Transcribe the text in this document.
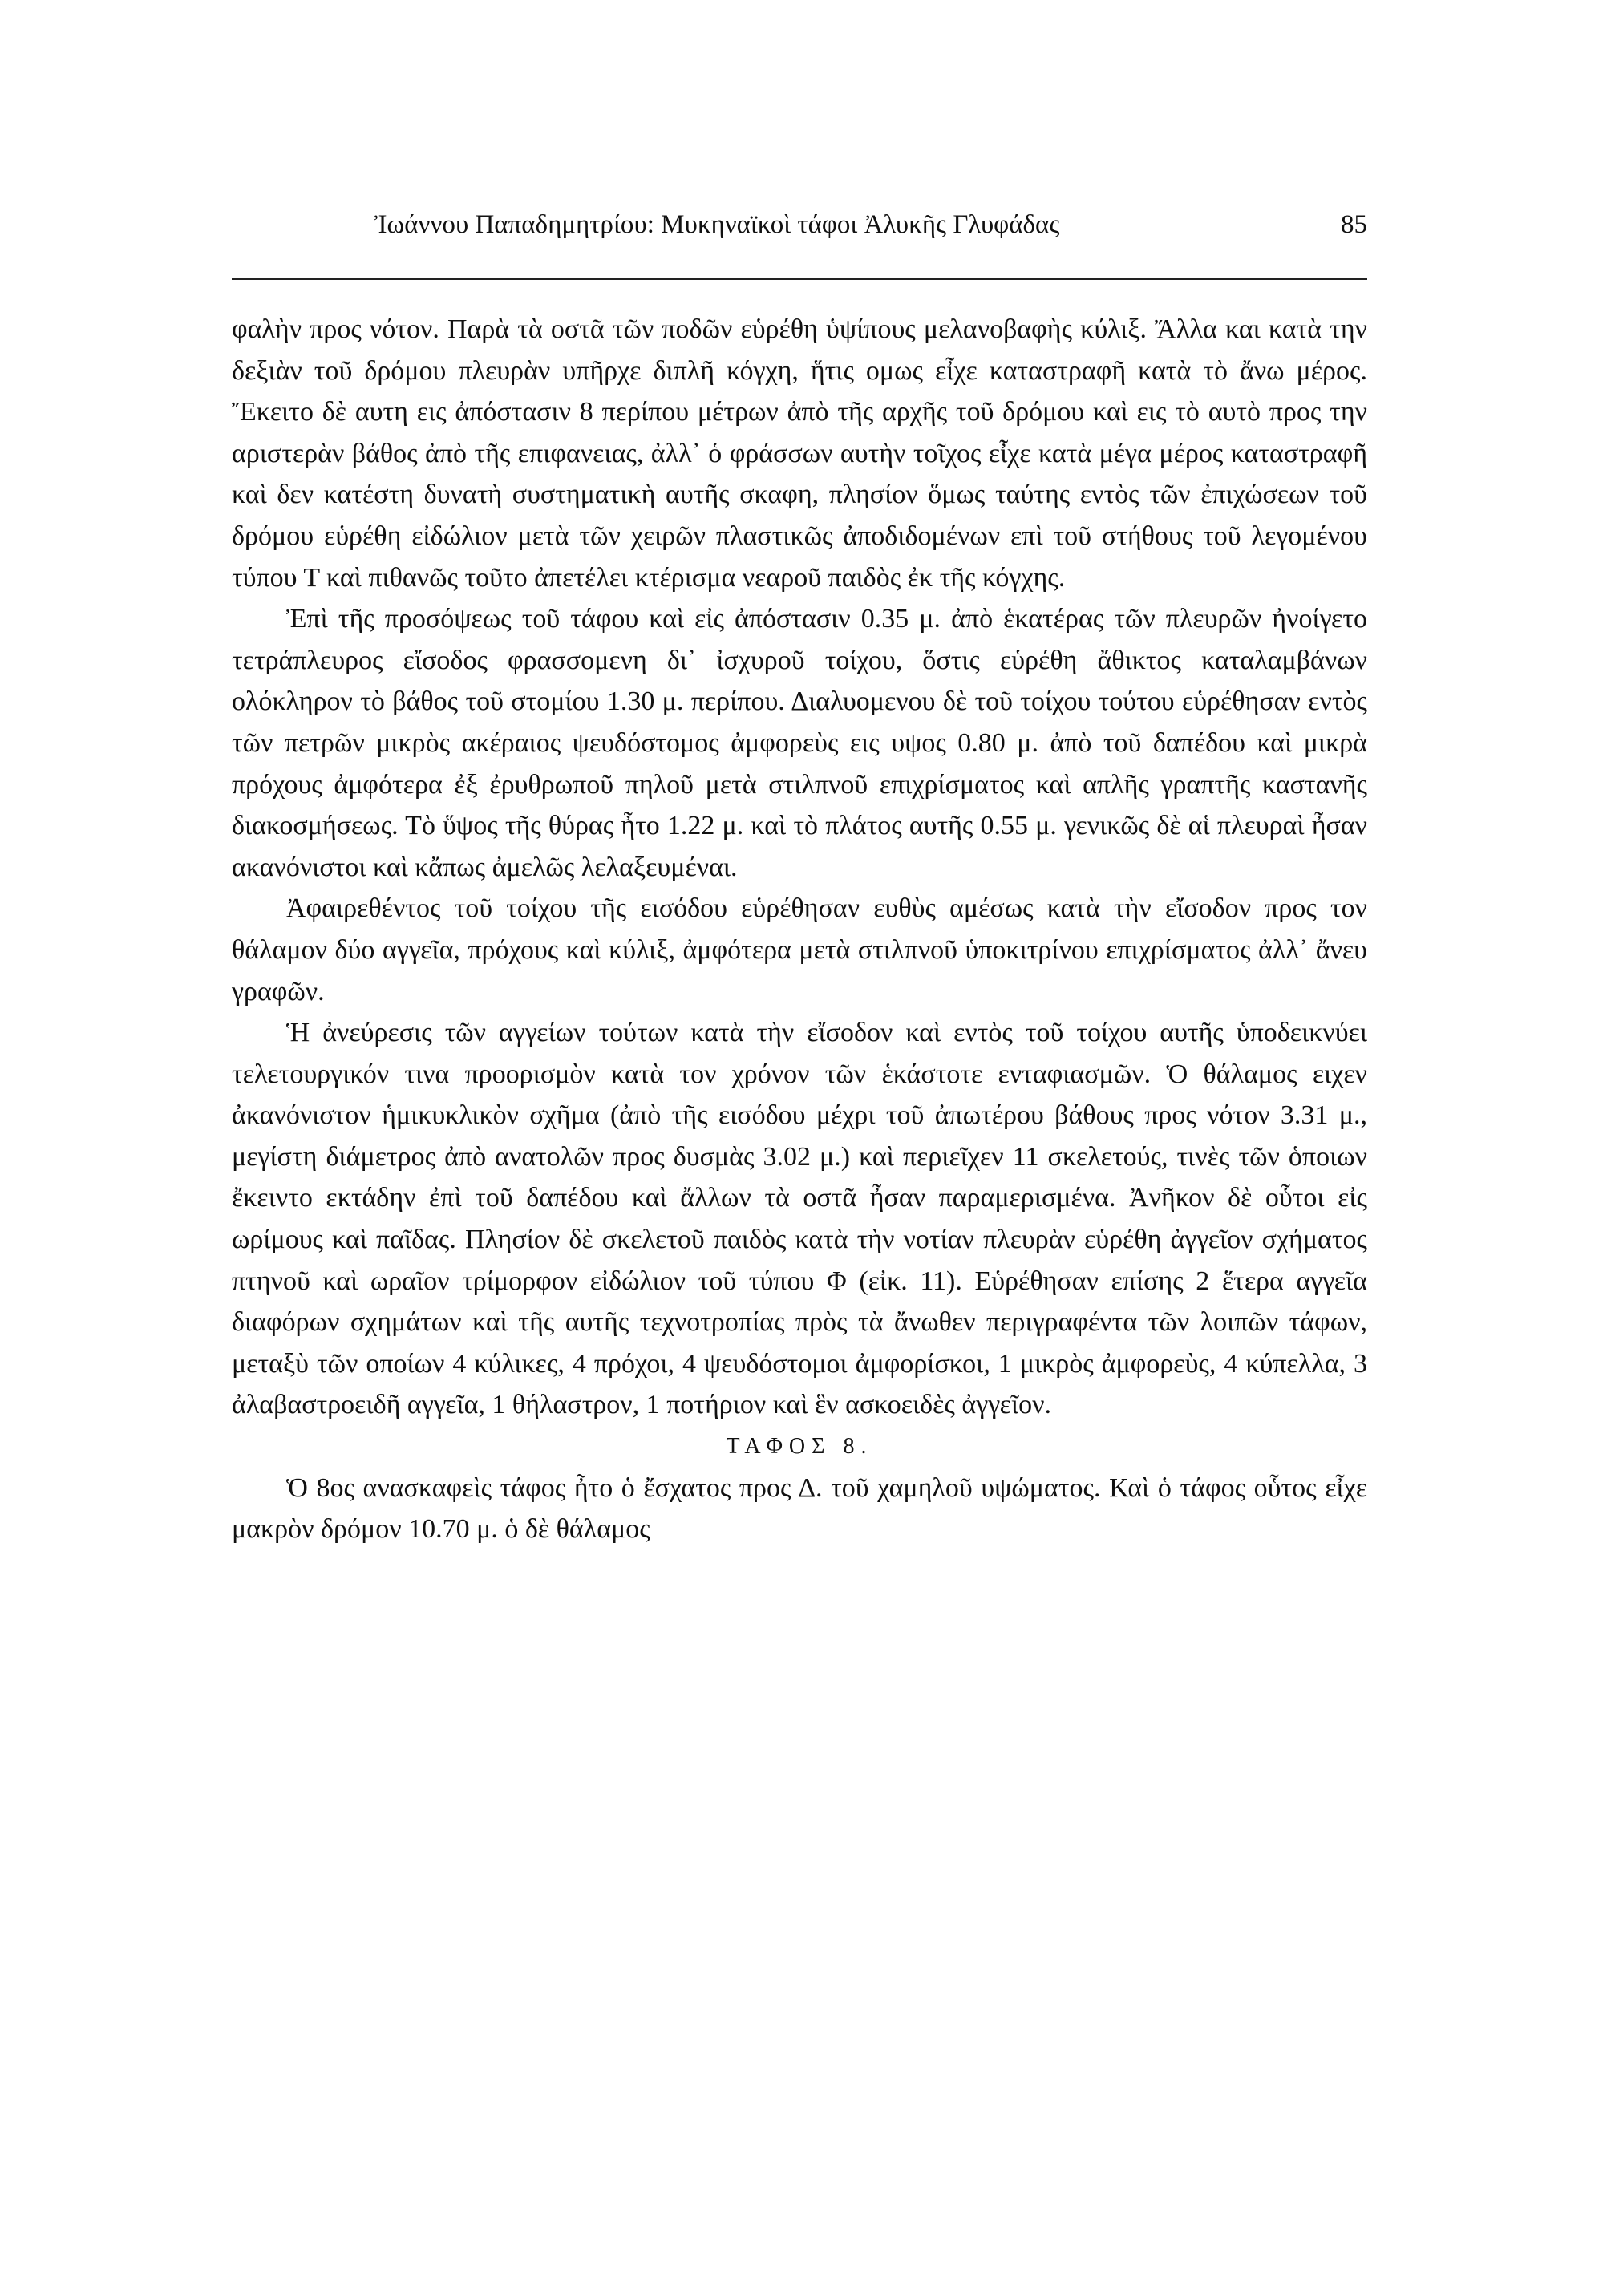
Ἰωάννου Παπαδημητρίου: Μυκηναϊκοὶ τάφοι Ἀλυκῆς Γλυφάδας	85

φαλὴν προς νότον. Παρὰ τὰ οστᾶ τῶν ποδῶν εὑρέθη ὑψίπους μελανοβαφὴς κύλιξ. Ἄλλα και κατὰ την δεξιὰν τοῦ δρόμου πλευρὰν υπῆρχε διπλῆ κόγχη, ἥτις ομως εἶχε καταστραφῆ κατὰ τὸ ἄνω μέρος. Ἔκειτο δὲ αυτη εις ἀπόστασιν 8 περίπου μέτρων ἀπὸ τῆς αρχῆς τοῦ δρόμου καὶ εις τὸ αυτὸ προς την αριστερὰν βάθος ἀπὸ τῆς επιφανειας, ἀλλ᾽ ὁ φράσσων αυτὴν τοῖχος εἶχε κατὰ μέγα μέρος καταστραφῆ καὶ δεν κατέστη δυνατὴ συστηματικὴ αυτῆς σκαφη, πλησίον ὅμως ταύτης εντὸς τῶν ἐπιχώσεων τοῦ δρόμου εὑρέθη εἰδώλιον μετὰ τῶν χειρῶν πλαστικῶς ἀποδιδομένων επὶ τοῦ στήθους τοῦ λεγομένου τύπου Τ καὶ πιθανῶς τοῦτο ἀπετέλει κτέρισμα νεαροῦ παιδὸς ἐκ τῆς κόγχης.

Ἐπὶ τῆς προσόψεως τοῦ τάφου καὶ εἰς ἀπόστασιν 0.35 μ. ἀπὸ ἑκατέρας τῶν πλευρῶν ἠνοίγετο τετράπλευρος εἴσοδος φρασσομενη δι᾽ ἰσχυροῦ τοίχου, ὅστις εὑρέθη ἄθικτος καταλαμβάνων ολόκληρον τὸ βάθος τοῦ στομίου 1.30 μ. περίπου. Διαλυομενου δὲ τοῦ τοίχου τούτου εὑρέθησαν εντὸς τῶν πετρῶν μικρὸς ακέραιος ψευδόστομος ἀμφορεὺς εις υψος 0.80 μ. ἀπὸ τοῦ δαπέδου καὶ μικρὰ πρόχους ἀμφότερα ἐξ ἐρυθρωποῦ πηλοῦ μετὰ στιλπνοῦ επιχρίσματος καὶ απλῆς γραπτῆς καστανῆς διακοσμήσεως. Τὸ ὕψος τῆς θύρας ἦτο 1.22 μ. καὶ τὸ πλάτος αυτῆς 0.55 μ. γενικῶς δὲ αἱ πλευραὶ ἦσαν ακανόνιστοι καὶ κἄπως ἀμελῶς λελαξευμέναι.

Ἀφαιρεθέντος τοῦ τοίχου τῆς εισόδου εὑρέθησαν ευθὺς αμέσως κατὰ τὴν εἴσοδον προς τον θάλαμον δύο αγγεῖα, πρόχους καὶ κύλιξ, ἀμφότερα μετὰ στιλπνοῦ ὑποκιτρίνου επιχρίσματος ἀλλ᾽ ἄνευ γραφῶν.

Ἡ ἀνεύρεσις τῶν αγγείων τούτων κατὰ τὴν εἴσοδον καὶ εντὸς τοῦ τοίχου αυτῆς ὑποδεικνύει τελετουργικόν τινα προορισμὸν κατὰ τον χρόνον τῶν ἑκάστοτε ενταφιασμῶν. Ὁ θάλαμος ειχεν ἀκανόνιστον ἡμικυκλικὸν σχῆμα (ἀπὸ τῆς εισόδου μέχρι τοῦ ἀπωτέρου βάθους προς νότον 3.31 μ., μεγίστη διάμετρος ἀπὸ ανατολῶν προς δυσμὰς 3.02 μ.) καὶ περιεῖχεν 11 σκελετούς, τινὲς τῶν ὁποιων ἔκειντο εκτάδην ἐπὶ τοῦ δαπέδου καὶ ἄλλων τὰ οστᾶ ἦσαν παραμερισμένα. Ἀνῆκον δὲ οὗτοι εἰς ωρίμους καὶ παῖδας. Πλησίον δὲ σκελετοῦ παιδὸς κατὰ τὴν νοτίαν πλευρὰν εὑρέθη ἀγγεῖον σχήματος πτηνοῦ καὶ ωραῖον τρίμορφον εἰδώλιον τοῦ τύπου Φ (εἰκ. 11). Εὑρέθησαν επίσης 2 ἕτερα αγγεῖα διαφόρων σχημάτων καὶ τῆς αυτῆς τεχνοτροπίας πρὸς τὰ ἄνωθεν περιγραφέντα τῶν λοιπῶν τάφων, μεταξὺ τῶν οποίων 4 κύλικες, 4 πρόχοι, 4 ψευδόστομοι ἀμφορίσκοι, 1 μικρὸς ἀμφορεὺς, 4 κύπελλα, 3 ἀλαβαστροειδῆ αγγεῖα, 1 θήλαστρον, 1 ποτήριον καὶ ἓν ασκοειδὲς ἀγγεῖον.

ΤΑΦΟΣ 8.

Ὁ 8ος ανασκαφεὶς τάφος ἦτο ὁ ἔσχατος προς Δ. τοῦ χαμηλοῦ υψώματος. Καὶ ὁ τάφος οὗτος εἶχε μακρὸν δρόμον 10.70 μ. ὁ δὲ θάλαμος
